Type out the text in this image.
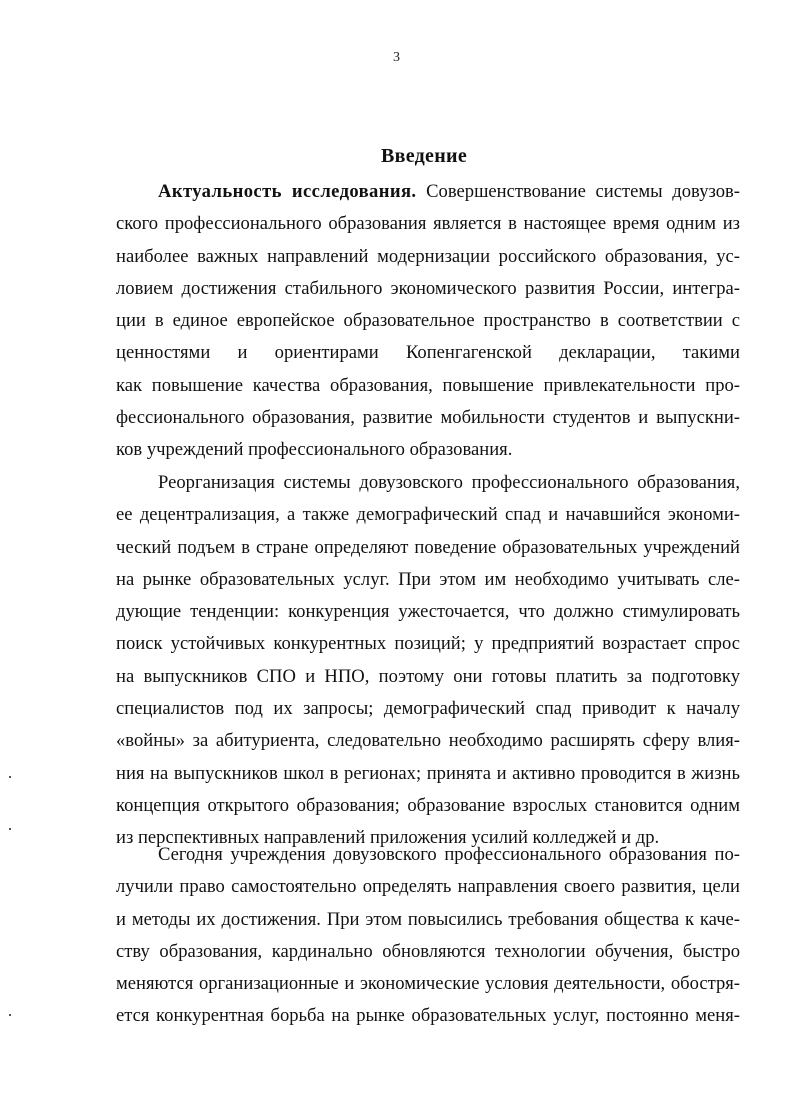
3
Введение
Актуальность исследования. Совершенствование системы довузов-
ского профессионального образования является в настоящее время одним из
наиболее важных направлений модернизации российского образования, ус-
ловием достижения стабильного экономического развития России, интегра-
ции в единое европейское образовательное пространство в соответствии с
ценностями и ориентирами Копенгагенской декларации, такими
как повышение качества образования, повышение привлекательности про-
фессионального образования, развитие мобильности студентов и выпускни-
ков учреждений профессионального образования.
Реорганизация системы довузовского профессионального образования,
ее децентрализация, а также демографический спад и начавшийся экономи-
ческий подъем в стране определяют поведение образовательных учреждений
на рынке образовательных услуг. При этом им необходимо учитывать сле-
дующие тенденции: конкуренция ужесточается, что должно стимулировать
поиск устойчивых конкурентных позиций; у предприятий возрастает спрос
на выпускников СПО и НПО, поэтому они готовы платить за подготовку
специалистов под их запросы; демографический спад приводит к началу
«войны» за абитуриента, следовательно необходимо расширять сферу влия-
ния на выпускников школ в регионах; принята и активно проводится в жизнь
концепция открытого образования; образование взрослых становится одним
из перспективных направлений приложения усилий колледжей и др.
Сегодня учреждения довузовского профессионального образования по-
лучили право самостоятельно определять направления своего развития, цели
и методы их достижения. При этом повысились требования общества к каче-
ству образования, кардинально обновляются технологии обучения, быстро
меняются организационные и экономические условия деятельности, обостря-
ется конкурентная борьба на рынке образовательных услуг, постоянно меня-
